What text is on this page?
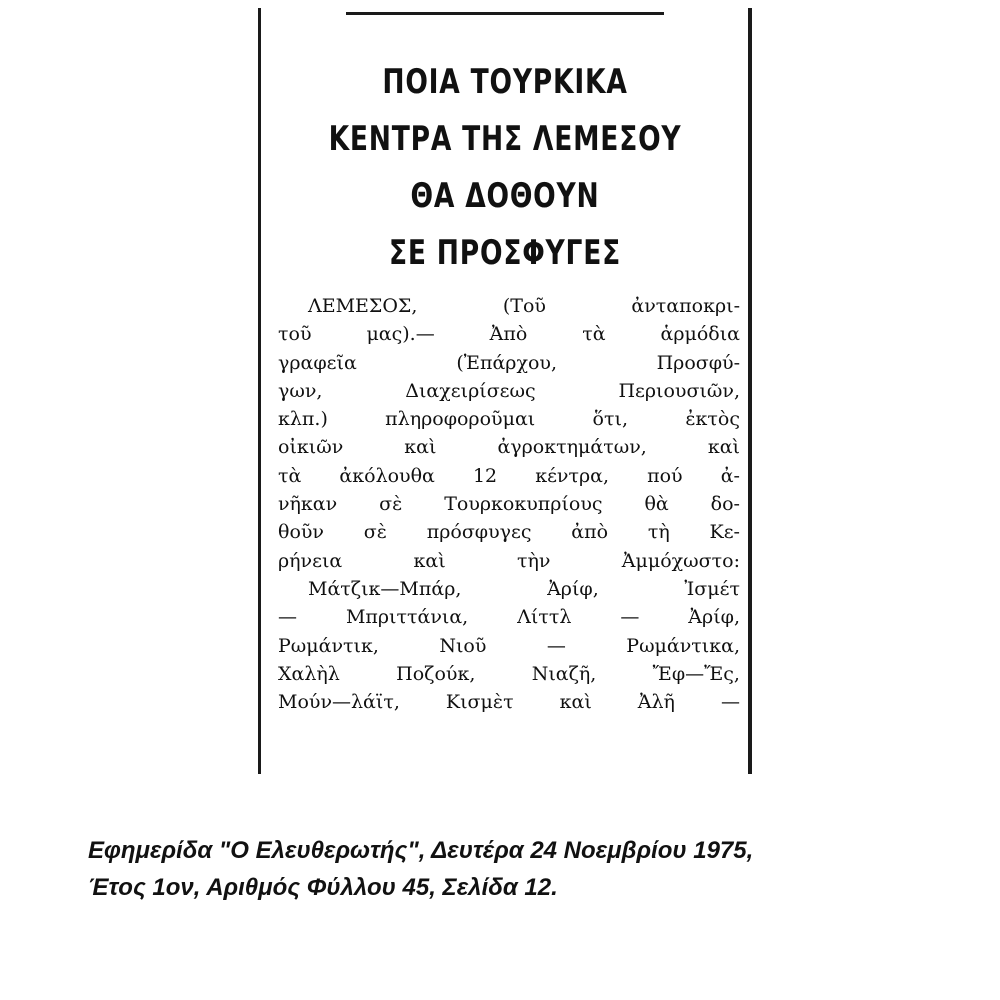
ΠΟΙΑ ΤΟΥΡΚΙΚΑ
ΚΕΝΤΡΑ ΤΗΣ ΛΕΜΕΣΟΥ
ΘΑ ΔΟΘΟΥΝ
ΣΕ ΠΡΟΣΦΥΓΕΣ
ΛΕΜΕΣΟΣ,	(Τοῦ	ἀνταποκρι-
τοῦ	μας).—	Ἀπὸ	τὰ	ἁρμόδια
γραφεῖα	(Ἐπάρχου,	Προσφύ-
γων,	Διαχειρίσεως	Περιουσιῶν,
κλπ.)	πληροφοροῦμαι	ὅτι,	ἐκτὸς
οἰκιῶν	καὶ	ἀγροκτημάτων,	καὶ
τὰ ἀκόλουθα 12 κέντρα, πού ἀ-
νῆκαν σὲ Τουρκοκυπρίους θὰ δο-
θοῦν σὲ πρόσφυγες ἀπὸ τὴ Κε-
ρήνεια	καὶ	τὴν	Ἀμμόχωστο:
Μάτζικ—Μπάρ,	Ἀρίφ,	Ἰσμέτ
—	Μπριττάνια,	Λίττλ	—	Ἀρίφ,
Ρωμάντικ,	Νιοῦ	—	Ρωμάντικα,
Χαλὴλ	Ποζούκ,	Νιαζῆ,	Ἔφ—Ἔς,
Μούν—λάϊτ, Κισμὲτ καὶ Ἀλῆ —
Εφημερίδα "Ο Ελευθερωτής", Δευτέρα 24 Νοεμβρίου 1975,
Έτος 1ον, Αριθμός Φύλλου 45, Σελίδα 12.
